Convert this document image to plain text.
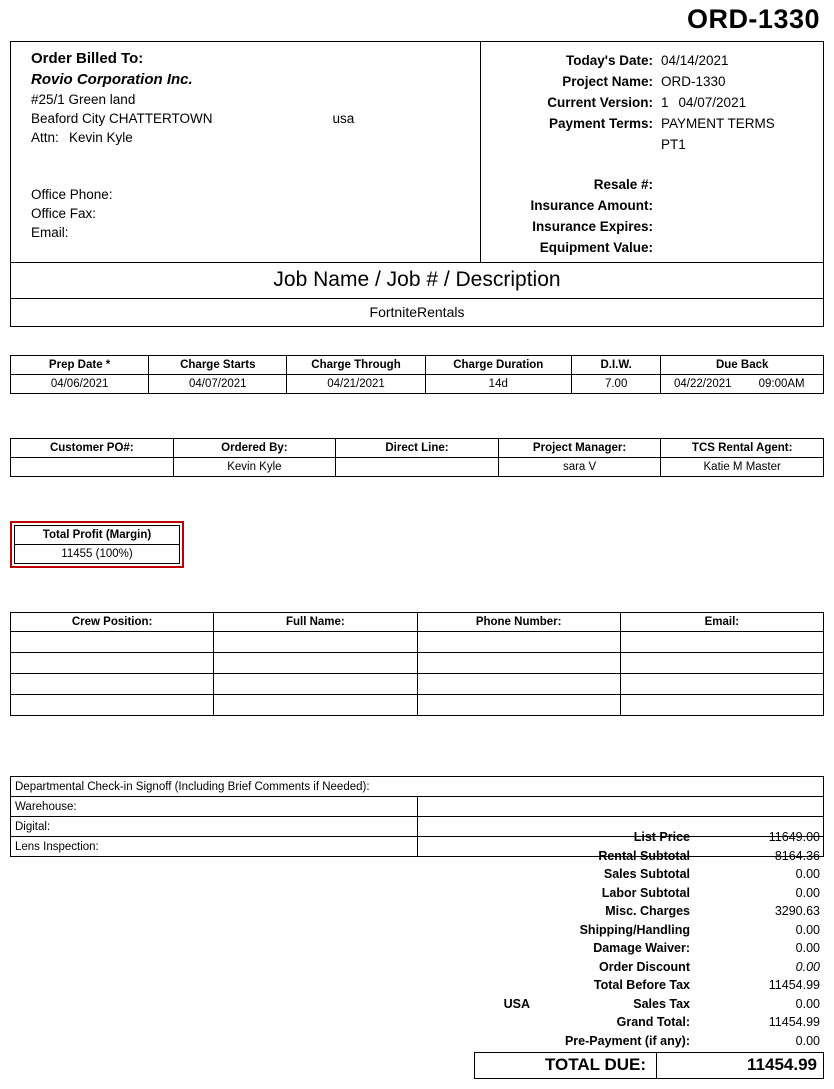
ORD-1330
Order Billed To:
Rovio Corporation Inc.
#25/1 Green land
Beaford City CHATTERTOWN	usa
Attn: Kevin Kyle
Office Phone:
Office Fax:
Email:
Today's Date: 04/14/2021
Project Name: ORD-1330
Current Version: 1 04/07/2021
Payment Terms: PAYMENT TERMS
PT1
Resale #:
Insurance Amount:
Insurance Expires:
Equipment Value:
Job Name / Job # / Description
FortniteRentals
Prep Date *	Charge Starts	Charge Through	Charge Duration	D.I.W.	Due Back
04/06/2021	04/07/2021	04/21/2021	14d	7.00	04/22/2021 09:00AM
Customer PO#:	Ordered By:	Direct Line:	Project Manager:	TCS Rental Agent:
	Kevin Kyle		sara V	Katie M Master
Total Profit (Margin)
11455 (100%)
Crew Position:	Full Name:	Phone Number:	Email:

Departmental Check-in Signoff (Including Brief Comments if Needed):	
Warehouse:	
Digital:	
Lens Inspection:	
List Price	11649.00
Rental Subtotal	8164.36
Sales Subtotal	0.00
Labor Subtotal	0.00
Misc. Charges	3290.63
Shipping/Handling	0.00
Damage Waiver:	0.00
Order Discount	0.00
Total Before Tax	11454.99
USA	Sales Tax	0.00
Grand Total:	11454.99
Pre-Payment (if any):	0.00
TOTAL DUE:	11454.99
